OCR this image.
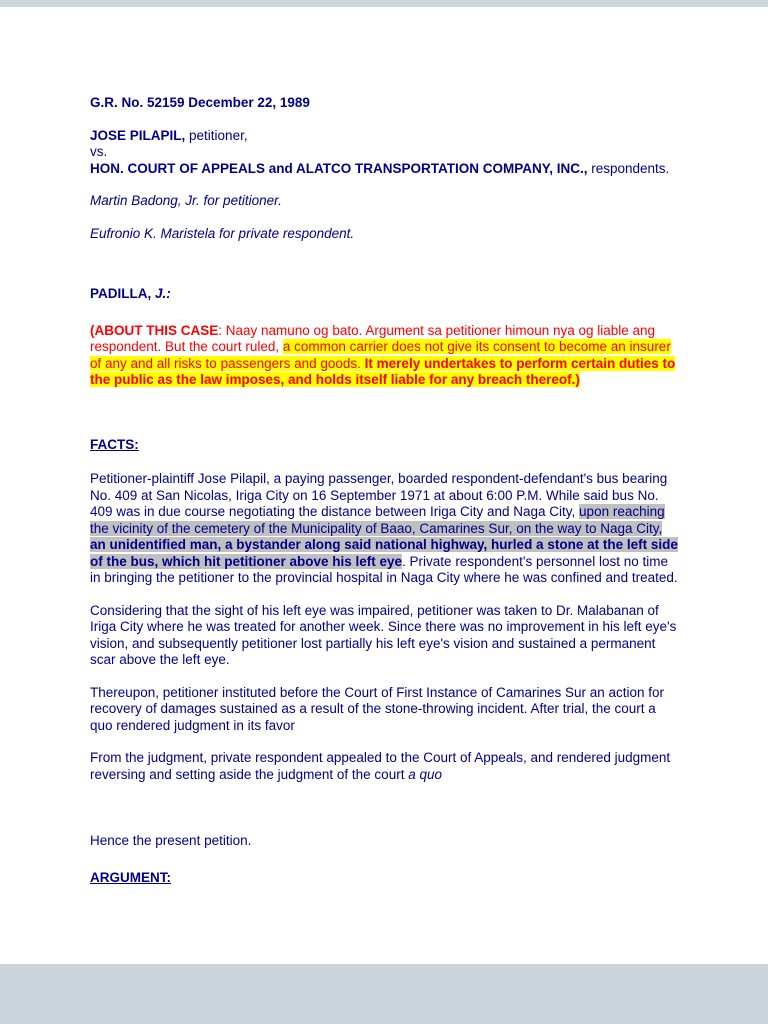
G.R. No. 52159 December 22, 1989

JOSE PILAPIL, petitioner,
vs.
HON. COURT OF APPEALS and ALATCO TRANSPORTATION COMPANY, INC., respondents.

Martin Badong, Jr. for petitioner.

Eufronio K. Maristela for private respondent.

PADILLA, J.:

(ABOUT THIS CASE: Naay namuno og bato. Argument sa petitioner himoun nya og liable ang respondent. But the court ruled, a common carrier does not give its consent to become an insurer of any and all risks to passengers and goods. It merely undertakes to perform certain duties to the public as the law imposes, and holds itself liable for any breach thereof.)

FACTS:

Petitioner-plaintiff Jose Pilapil, a paying passenger, boarded respondent-defendant's bus bearing No. 409 at San Nicolas, Iriga City on 16 September 1971 at about 6:00 P.M. While said bus No. 409 was in due course negotiating the distance between Iriga City and Naga City, upon reaching the vicinity of the cemetery of the Municipality of Baao, Camarines Sur, on the way to Naga City, an unidentified man, a bystander along said national highway, hurled a stone at the left side of the bus, which hit petitioner above his left eye. Private respondent's personnel lost no time in bringing the petitioner to the provincial hospital in Naga City where he was confined and treated.

Considering that the sight of his left eye was impaired, petitioner was taken to Dr. Malabanan of Iriga City where he was treated for another week. Since there was no improvement in his left eye's vision, and subsequently petitioner lost partially his left eye's vision and sustained a permanent scar above the left eye.

Thereupon, petitioner instituted before the Court of First Instance of Camarines Sur an action for recovery of damages sustained as a result of the stone-throwing incident. After trial, the court a quo rendered judgment in its favor

From the judgment, private respondent appealed to the Court of Appeals, and rendered judgment reversing and setting aside the judgment of the court a quo

Hence the present petition.

ARGUMENT:
